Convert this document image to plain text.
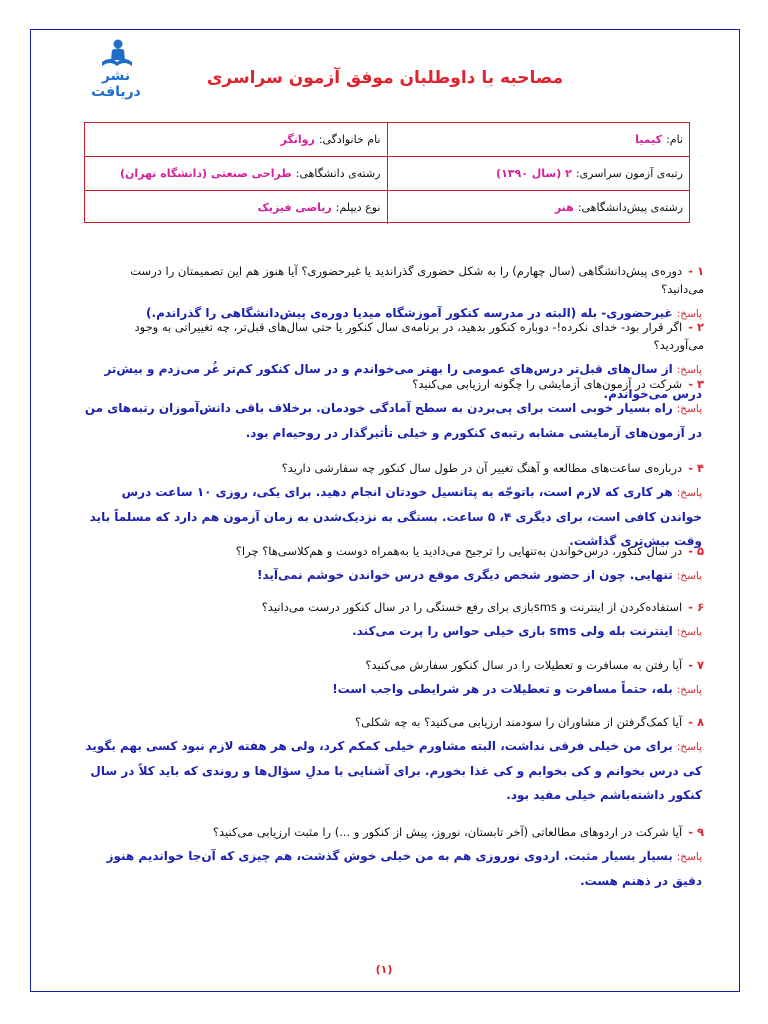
نشر دریافت
مصاحبه با داوطلبان موفق آزمون سراسری
نام:
کیمیا
نام خانوادگی:
روانگر
رتبه‌ی آزمون سراسری:
۲ (سال ۱۳۹۰)
رشته‌ی دانشگاهی:
طراحی صنعتی (دانشگاه تهران)
رشته‌ی پیش‌دانشگاهی:
هنر
نوع دیپلم:
ریاضی فیزیک
۱ -دوره‌ی پیش‌دانشگاهی (سال چهارم) را به شکل حضوری گذراندید یا غیرحضوری؟ آیا هنوز هم این تصمیمتان را درست می‌دانید؟
پاسخ:غیرحضوری- بله (البته در مدرسه کنکور آموزشگاه میدیا دوره‌ی پیش‌دانشگاهی را گذراندم.)
۲ -اگر قرار بود- خدای نکرده!- دوباره کنکور بدهید، در برنامه‌ی سال کنکور یا حتی سال‌های قبل‌تر، چه تغییراتی به وجود می‌آوردید؟
پاسخ:از سال‌های قبل‌تر درس‌های عمومی را بهتر می‌خواندم و در سال کنکور کم‌تر غُر می‌زدم و بیش‌تر درس می‌خواندم.
۳ -شرکت در آزمون‌های آزمایشی را چگونه ارزیابی می‌کنید؟
پاسخ:راه بسیار خوبی است برای پی‌بردن به سطح آمادگی خودمان. برخلاف باقی دانش‌آموزان رتبه‌های من در آزمون‌های آزمایشی مشابه رتبه‌ی کنکورم و خیلی تأثیرگذار در روحیه‌ام بود.
۴ -درباره‌ی ساعت‌های مطالعه و آهنگ تغییر آن در طول سال کنکور چه سفارشی دارید؟
پاسخ:هر کاری که لازم است، باتوجّه به پتانسیل خودتان انجام دهید. برای یکی، روزی ۱۰ ساعت درس خواندن کافی است، برای دیگری ۴، ۵ ساعت. بستگی به نزدیک‌شدن به زمان آزمون هم دارد که مسلماً باید وقت بیش‌تری گذاشت.
۵ -در سال کنکور، درس‌خواندن به‌تنهایی را ترجیح می‌دادید یا به‌همراه دوست و هم‌کلاسی‌ها؟ چرا؟
پاسخ:تنهایی. چون از حضور شخص دیگری موقع درس خواندن خوشم نمی‌آید!
۶ -استفاده‌کردن از اینترنت و sms‌بازی برای رفع خستگی را در سال کنکور درست می‌دانید؟
پاسخ:اینترنت بله ولی sms بازی خیلی حواس را پرت می‌کند.
۷ -آیا رفتن به مسافرت و تعطیلات را در سال کنکور سفارش می‌کنید؟
پاسخ:بله، حتماً مسافرت و تعطیلات در هر شرایطی واجب است!
۸ -آیا کمک‌گرفتن از مشاوران را سودمند ارزیابی می‌کنید؟ به چه شکلی؟
پاسخ:برای من خیلی فرقی نداشت، البته مشاورم خیلی کمکم کرد، ولی هر هفته لازم نبود کسی بهم بگوید کی درس بخوانم و کی بخوابم و کی غذا بخورم. برای آشنایی با مدلِ سؤال‌ها و روندی که باید کلاً در سال کنکور داشته‌باشم خیلی مفید بود.
۹ -آیا شرکت در اردوهای مطالعاتی (آخر تابستان، نوروز، پیش از کنکور و ...) را مثبت ارزیابی می‌کنید؟
پاسخ:بسیار بسیار مثبت. اردوی نوروزی هم به من خیلی خوش گذشت، هم چیزی که آن‌جا خواندیم هنوز دقیق در ذهنم هست.
(۱)
